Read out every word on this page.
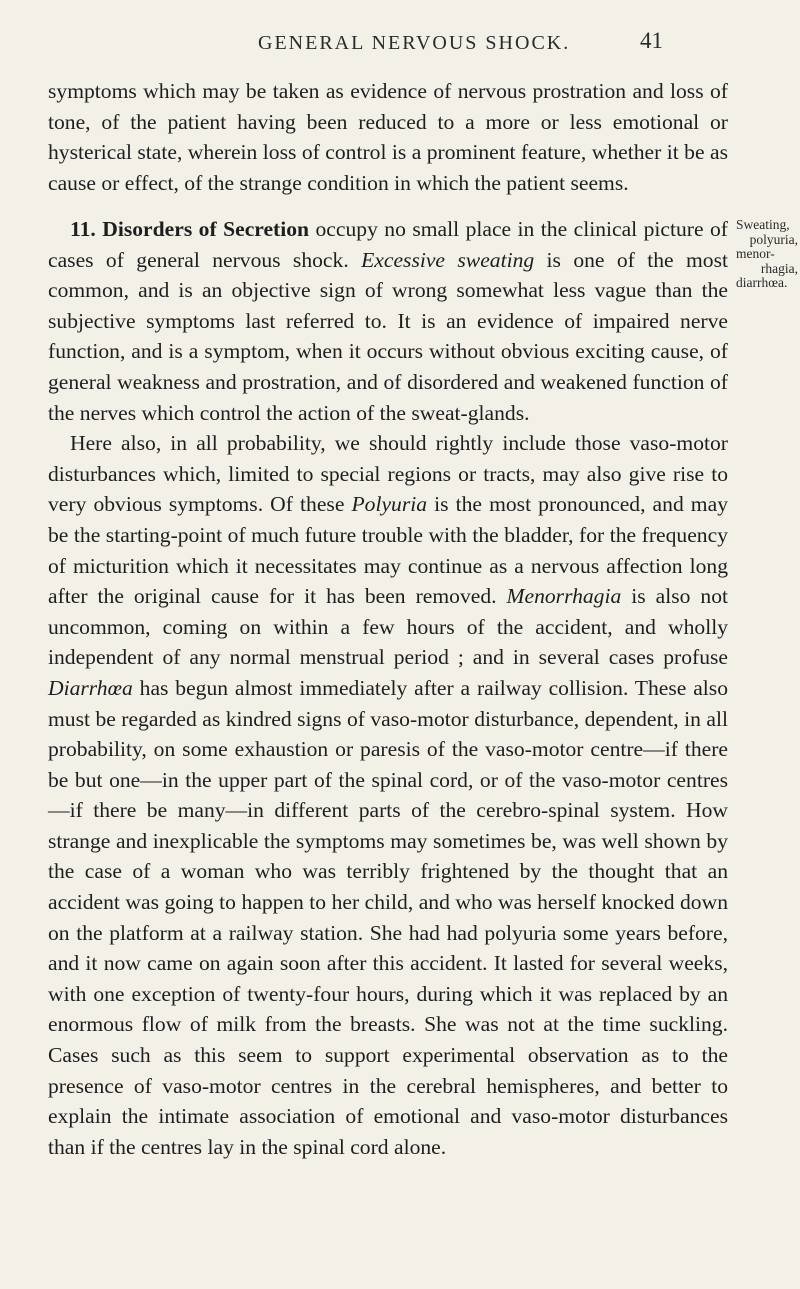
GENERAL NERVOUS SHOCK.	41

symptoms which may be taken as evidence of nervous prostration and loss of tone, of the patient having been reduced to a more or less emotional or hysterical state, wherein loss of control is a prominent feature, whether it be as cause or effect, of the strange condition in which the patient seems.

11. Disorders of Secretion occupy no small place in the clinical picture of cases of general nervous shock. Excessive sweating is one of the most common, and is an objective sign of wrong somewhat less vague than the subjective symptoms last referred to. It is an evidence of impaired nerve function, and is a symptom, when it occurs without obvious exciting cause, of general weakness and prostration, and of disordered and weakened function of the nerves which control the action of the sweat-glands.

Here also, in all probability, we should rightly include those vaso-motor disturbances which, limited to special regions or tracts, may also give rise to very obvious symptoms. Of these Polyuria is the most pronounced, and may be the starting-point of much future trouble with the bladder, for the frequency of micturition which it necessitates may continue as a nervous affection long after the original cause for it has been removed. Menorrhagia is also not uncommon, coming on within a few hours of the accident, and wholly independent of any normal menstrual period ; and in several cases profuse Diarrhœa has begun almost immediately after a railway collision. These also must be regarded as kindred signs of vaso-motor disturbance, dependent, in all probability, on some exhaustion or paresis of the vaso-motor centre—if there be but one—in the upper part of the spinal cord, or of the vaso-motor centres—if there be many—in different parts of the cerebro-spinal system. How strange and inexplicable the symptoms may sometimes be, was well shown by the case of a woman who was terribly frightened by the thought that an accident was going to happen to her child, and who was herself knocked down on the platform at a railway station. She had had polyuria some years before, and it now came on again soon after this accident. It lasted for several weeks, with one exception of twenty-four hours, during which it was replaced by an enormous flow of milk from the breasts. She was not at the time suckling. Cases such as this seem to support experimental observation as to the presence of vaso-motor centres in the cerebral hemispheres, and better to explain the intimate association of emotional and vaso-motor disturbances than if the centres lay in the spinal cord alone.

Sweating,
polyuria,
menor-
rhagia,
diarrhœa.
